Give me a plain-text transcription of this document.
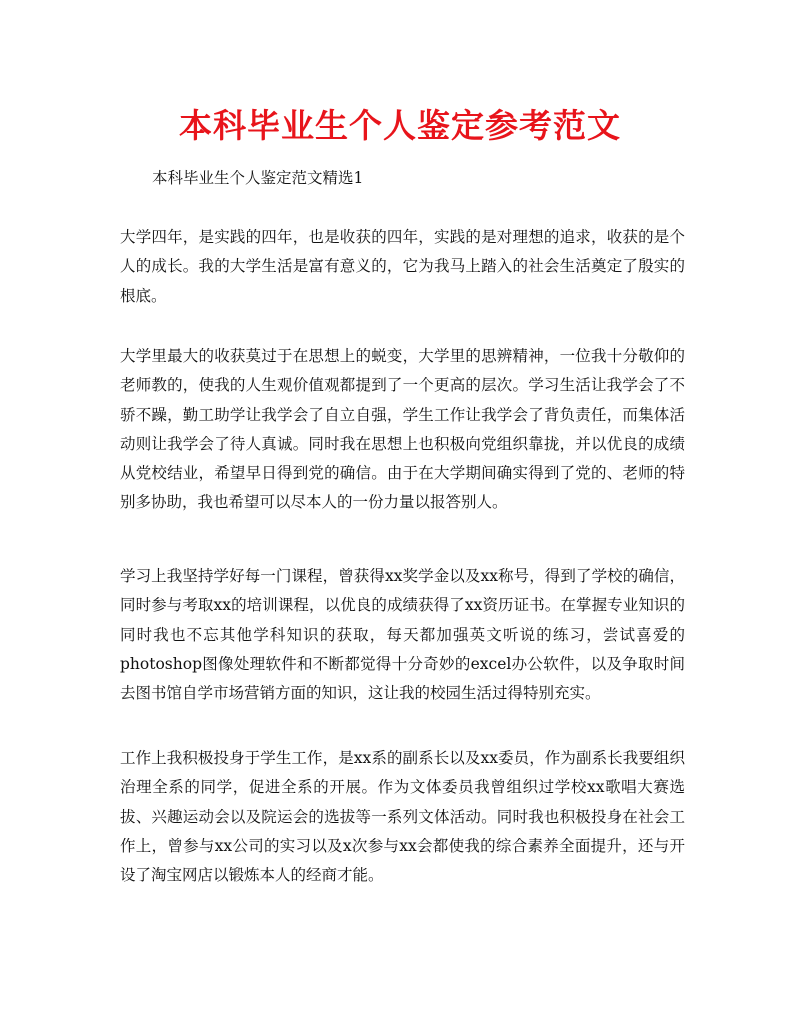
本科毕业生个人鉴定参考范文

本科毕业生个人鉴定范文精选1

大学四年，是实践的四年，也是收获的四年，实践的是对理想的追求，收获的是个人的成长。我的大学生活是富有意义的，它为我马上踏入的社会生活奠定了殷实的根底。

大学里最大的收获莫过于在思想上的蜕变，大学里的思辨精神，一位我十分敬仰的老师教的，使我的人生观价值观都提到了一个更高的层次。学习生活让我学会了不骄不躁，勤工助学让我学会了自立自强，学生工作让我学会了背负责任，而集体活动则让我学会了待人真诚。同时我在思想上也积极向党组织靠拢，并以优良的成绩从党校结业，希望早日得到党的确信。由于在大学期间确实得到了党的、老师的特别多协助，我也希望可以尽本人的一份力量以报答别人。

学习上我坚持学好每一门课程，曾获得xx奖学金以及xx称号，得到了学校的确信，同时参与考取xx的培训课程，以优良的成绩获得了xx资历证书。在掌握专业知识的同时我也不忘其他学科知识的获取，每天都加强英文听说的练习，尝试喜爱的photoshop图像处理软件和不断都觉得十分奇妙的excel办公软件，以及争取时间去图书馆自学市场营销方面的知识，这让我的校园生活过得特别充实。

工作上我积极投身于学生工作，是xx系的副系长以及xx委员，作为副系长我要组织治理全系的同学，促进全系的开展。作为文体委员我曾组织过学校xx歌唱大赛选拔、兴趣运动会以及院运会的选拔等一系列文体活动。同时我也积极投身在社会工作上，曾参与xx公司的实习以及x次参与xx会都使我的综合素养全面提升，还与开设了淘宝网店以锻炼本人的经商才能。
